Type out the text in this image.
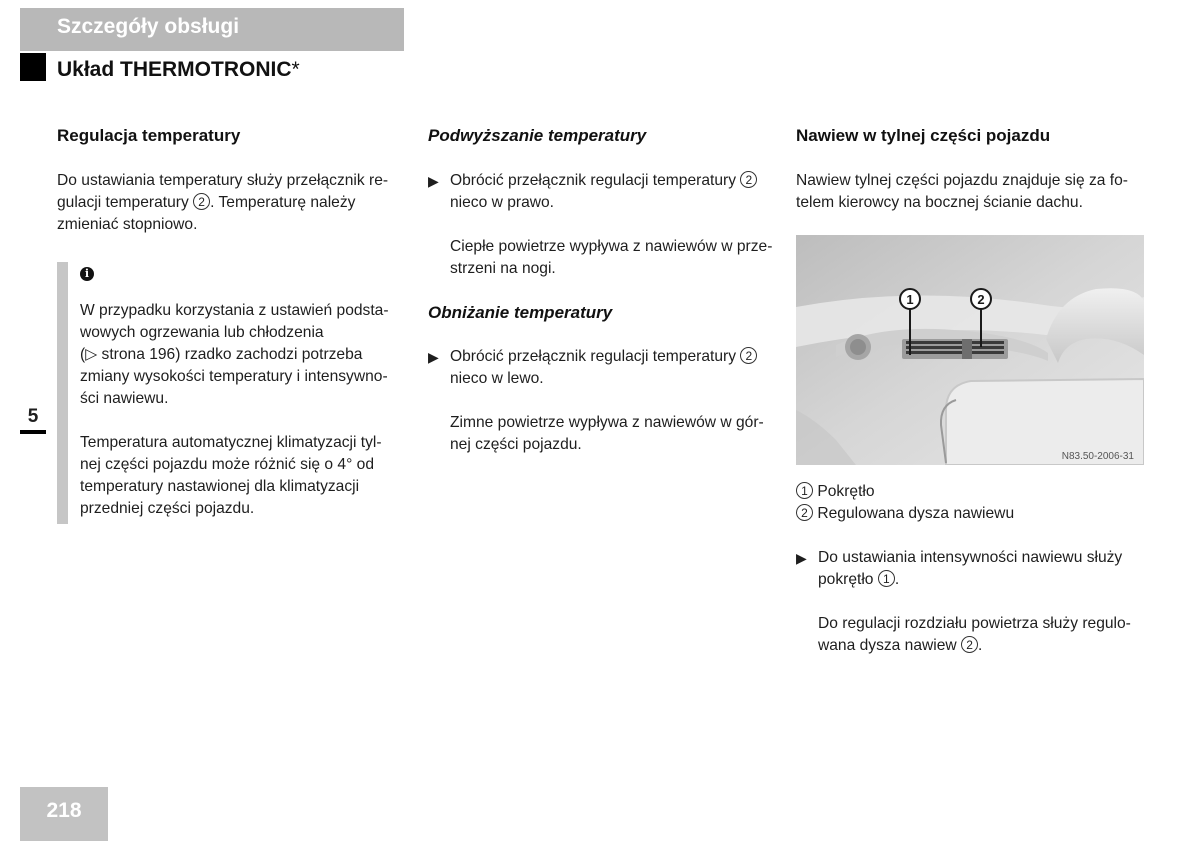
Szczegóły obsługi
Układ THERMOTRONIC*
5

Regulacja temperatury

Do ustawiania temperatury służy przełącznik re-
gulacji temperatury 2 . Temperaturę należy
zmieniać stopniowo.

i

W przypadku korzystania z ustawień podsta-
wowych ogrzewania lub chłodzenia
(▷ strona 196) rzadko zachodzi potrzeba
zmiany wysokości temperatury i intensywno-
ści nawiewu.

Temperatura automatycznej klimatyzacji tyl-
nej części pojazdu może różnić się o 4° od
temperatury nastawionej dla klimatyzacji
przedniej części pojazdu.

Podwyższanie temperatury

▶ Obrócić przełącznik regulacji temperatury 2
nieco w prawo.

Ciepłe powietrze wypływa z nawiewów w prze-
strzeni na nogi.

Obniżanie temperatury

▶ Obrócić przełącznik regulacji temperatury 2
nieco w lewo.

Zimne powietrze wypływa z nawiewów w gór-
nej części pojazdu.

Nawiew w tylnej części pojazdu

Nawiew tylnej części pojazdu znajduje się za fo-
telem kierowcy na bocznej ścianie dachu.

1	2
N83.50-2006-31
1 Pokrętło
2 Regulowana dysza nawiewu
▶ Do ustawiania intensywności nawiewu służy
pokrętło 1 .

Do regulacji rozdziału powietrza służy regulo-
wana dysza nawiew 2 .

218
